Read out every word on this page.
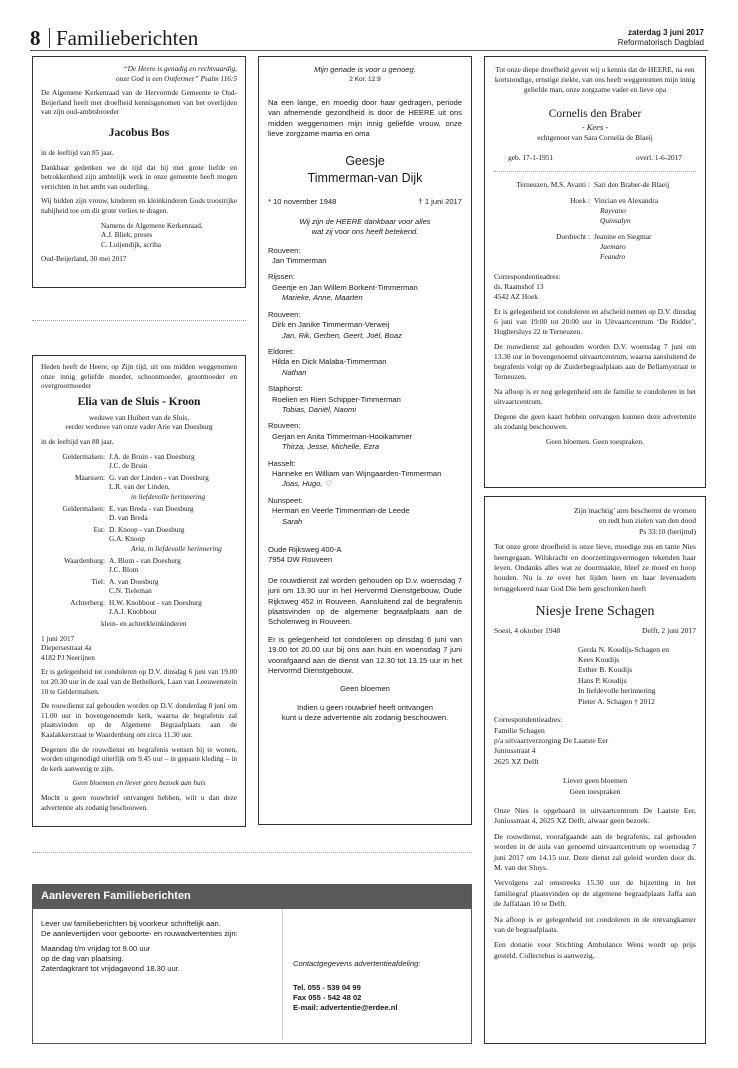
8 Familieberichten	zaterdag 3 juni 2017
Reformatorisch Dagblad

“De Heere is genadig en rechtvaardig,

onze God is een Ontfermer” Psalm 116:5

De Algemene Kerkenraad van de Hervormde Gemeente te Oud-Beijerland heeft met droefheid kennisgenomen van het overlijden van zijn oud-ambtsbroeder

Jacobus Bos

in de leeftijd van 85 jaar.

Dankbaar gedenken we de tijd dat hij met grote liefde en betrokkenheid zijn ambtelijk werk in onze gemeente heeft mogen verrichten in het ambt van ouderling.

Wij bidden zijn vrouw, kinderen en kleinkinderen Gods troostrijke nabijheid toe om dit grote verlies te dragen.

Namens de Algemene Kerkenraad,

A.J. Bliek, preses

C. Luijendijk, scriba

Oud-Beijerland, 30 mei 2017

Heden heeft de Heere, op Zijn tijd, uit ons midden weggenomen onze innig geliefde moeder, schoonmoeder, grootmoeder en overgrootmoeder

Elia van de Sluis - Kroon

weduwe van Huibert van de Sluis,

eerder weduwe van onze vader Arie van Doesburg

in de leeftijd van 88 jaar.

Geldermalsen: J.A. de Bruin - van Doesburg
J.C. de Bruin
Maarssen: G. van der Linden - van Doesburg
L.R. van der Linden,
in liefdevolle herinnering
Geldermalsen: E. van Breda - van Doesburg
D. van Breda
Est: D. Knoop - van Doesburg
G.A. Knoop
Aria, in liefdevolle herinnering
Waardenburg: A. Blom - van Doesburg
J.C. Blom
Tiel: A. van Doesburg
C.N. Tieleman
Achterberg: H.W. Knobbout - van Doesburg
J.A.J. Knobbout

klein- en achterkleinkinderen

1 juni 2017

Diepersestraat 4a

4182 PJ Neerijnen

Er is gelegenheid tot condoleren op D.V. dinsdag 6 juni van 19.00 tot 20.30 uur in de zaal van de Bethelkerk, Laan van Leeuwenstein 10 te Geldermalsen.

De rouwdienst zal gehouden worden op D.V. donderdag 8 juni om 11.00 uur in bovengenoemde kerk, waarna de begrafenis zal plaatsvinden op de Algemene Begraafplaats aan de Kaalakkerstraat te Waardenburg om circa 11.30 uur.

Degenen die de rouwdienst en begrafenis wensen bij te wonen, worden uitgenodigd uiterlijk om 9.45 uur – in gepaste kleding – in de kerk aanwezig te zijn.

Geen bloemen en liever geen bezoek aan huis

Mocht u geen rouwbrief ontvangen hebben, wilt u dan deze advertentie als zodanig beschouwen.

Aanleveren Familieberichten

Lever uw familieberichten bij voorkeur schriftelijk aan.

De aanlevertijden voor geboorte- en rouwadvertenties zijn:

Maandag t/m vrijdag tot 9.00 uur

op de dag van plaatsing.

Zaterdagkrant tot vrijdagavond 18.30 uur.

Contactgegevens advertentieafdeling:

Tel. 055 - 539 04 99

Fax 055 - 542 48 02

E-mail: advertentie@erdee.nl

Mijn genade is voor u genoeg.

2 Kor. 12:9

Na een lange, en moedig door haar gedragen, periode van afnemende gezondheid is door de HEERE uit ons midden weggenomen mijn innig geliefde vrouw, onze lieve zorgzame mama en oma

Geesje

Timmerman-van Dijk

* 10 november 1948	† 1 juni 2017

Wij zijn de HEERE dankbaar voor alles

wat zij voor ons heeft betekend.

Rouveen:
Jan Timmerman
Rijssen:
Geertje en Jan Willem Borkent-Timmerman
Marieke, Anne, Maarten
Rouveen:
Dirk en Janike Timmerman-Verweij
Jan, Rik, Gerben, Geert, Joël, Boaz
Eldoret:
Hilda en Dick Malaba-Timmerman
Nathan
Staphorst:
Roelien en Rien Schipper-Timmerman
Tobias, Daniël, Naomi
Rouveen:
Gerjan en Anita Timmerman-Hooikammer
Thirza, Jesse, Michelle, Ezra
Hasselt:
Hanneke en William van Wijngaarden-Timmerman
Joas, Hugo, ♡
Nunspeet:
Herman en Veerle Timmerman-de Leede
Sarah

Oude Rijksweg 400-A

7954 DW Rouveen

De rouwdienst zal worden gehouden op D.v. woensdag 7 juni om 13.30 uur in het Hervormd Dienstgebouw, Oude Rijksweg 452 in Rouveen. Aansluitend zal de begrafenis plaatsvinden op de algemene begraafplaats aan de Scholenweg in Rouveen.

Er is gelegenheid tot condoleren op dinsdag 6 juni van 19.00 tot 20.00 uur bij ons aan huis en woensdag 7 juni voorafgaand aan de dienst van 12.30 tot 13.15 uur in het Hervormd Dienstgebouw.

Geen bloemen

Indien u geen rouwbrief heeft ontvangen

kunt u deze advertentie als zodanig beschouwen.

Tot onze diepe droefheid geven wij u kennis dat de HEERE, na een kortstondige, ernstige ziekte, van ons heeft weggenomen mijn innig geliefde man, onze zorgzame vader en lieve opa

Cornelis den Braber

- Kees -

echtgenoot van Sara Cornelia de Blaeij

geb. 17-1-1951	overl. 1-6-2017
Terneuzen, M.S. Avanti : Sari den Braber-de Blaeij
Hoek : Vincian en Alexandra
Rayvano
Quinsalyn
Dordrecht : Jeanine en Siegmar
Jaemaro
Feandro

Correspondentieadres:

ds. Raamshof 13

4542 AZ Hoek

Er is gelegenheid tot condoleren en afscheid nemen op D.V. dinsdag 6 juni van 19:00 tot 20:00 uur in Uitvaartcentrum ‘De Ridder’, Hughersluys 22 te Terneuzen.

De rouwdienst zal gehouden worden D.V. woensdag 7 juni om 13.30 uur in bovengenoemd uitvaartcentrum, waarna aansluitend de begrafenis volgt op de Zuiderbegraafplaats aan de Bellamystraat te Terneuzen.

Na afloop is er nog gelegenheid om de familie te condoleren in het uitvaartcentrum.

Degene die geen kaart hebben ontvangen kunnen deze advertentie als zodanig beschouwen.

Geen bloemen. Geen toespraken.

Zijn machtig’ arm beschermt de vromen

en redt hun zielen van den dood

Ps 33:10 (berijmd)

Tot onze grote droefheid is onze lieve, moedige zus en tante Nies heengegaan. Wilskracht en doorzettingsvermogen tekenden haar leven. Ondanks alles wat ze doormaakte, bleef ze moed en hoop houden. Nu is ze over het lijden heen en haar levensadem teruggekeerd naar God Die hem geschonken heeft

Niesje Irene Schagen

Soest, 4 oktober 1948	Delft, 2 juni 2017
Gerda N. Koudijs-Schagen en
Kees Koudijs
Esther B. Koudijs
Hans P. Koudijs
In liefdevolle herinnering
Pieter A. Schagen † 2012

Correspondentieadres:

Familie Schagen

p/a uitvaartverzorging De Laatste Eer

Juniusstraat 4

2625 XZ Delft

Liever geen bloemen

Geen toespraken

Onze Nies is opgebaard in uitvaartcentrum De Laatste Eer, Juniusstraat 4, 2625 XZ Delft, alwaar geen bezoek.

De rouwdienst, voorafgaande aan de begrafenis, zal gehouden worden in de aula van genoemd uitvaartcentrum op woensdag 7 juni 2017 om 14.15 uur. Deze dienst zal geleid worden door ds. M. van der Sluys.

Vervolgens zal omstreeks 15.30 uur de bijzetting in het familiegraf plaatsvinden op de algemene begraafplaats Jaffa aan de Jaffalaan 10 te Delft.

Na afloop is er gelegenheid tot condoleren in de ontvangkamer van de begraafplaats.

Een donatie voor Stichting Ambulance Wens wordt op prijs gesteld. Collectebus is aanwezig.
